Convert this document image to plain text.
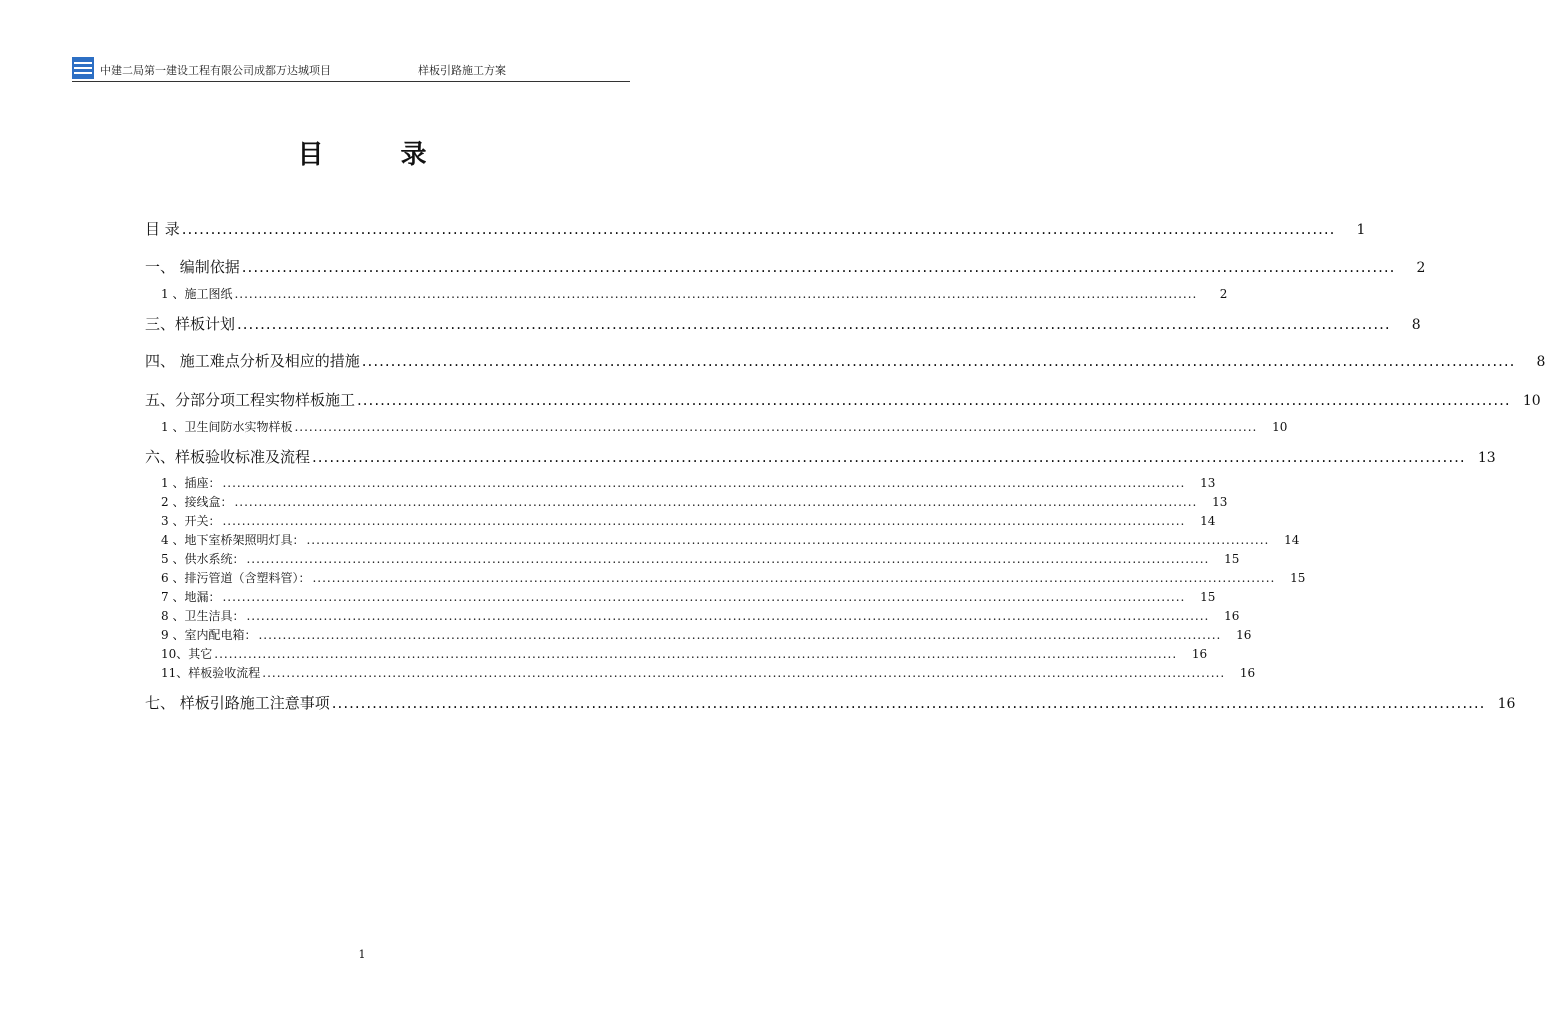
中建二局第一建设工程有限公司成都万达城项目	样板引路施工方案
目 录
目 录 ........................................................................................................................................................................................................	1
一、 编制依据 ........................................................................................................................................................................................................	2
1 、施工图纸 ........................................................................................................................................................................................................	2
三、样板计划 ........................................................................................................................................................................................................	8
四、 施工难点分析及相应的措施 ........................................................................................................................................................................................................	8
五、分部分项工程实物样板施工 ........................................................................................................................................................................................................ 10
1 、卫生间防水实物样板 ........................................................................................................................................................................................................	10
六、样板验收标准及流程 ........................................................................................................................................................................................................ 13
1 、插座： ........................................................................................................................................................................................................	13
2 、接线盒： ........................................................................................................................................................................................................	13
3 、开关： ........................................................................................................................................................................................................	14
4 、地下室桥架照明灯具： ........................................................................................................................................................................................................	14
5 、供水系统： ........................................................................................................................................................................................................	15
6 、排污管道（含塑料管）： ........................................................................................................................................................................................................	15
7 、地漏： ........................................................................................................................................................................................................	15
8 、卫生洁具： ........................................................................................................................................................................................................	16
9 、室内配电箱： ........................................................................................................................................................................................................	16
10、其它 ........................................................................................................................................................................................................	16
11、样板验收流程 ........................................................................................................................................................................................................	16
七、 样板引路施工注意事项 ........................................................................................................................................................................................................ 16
1
